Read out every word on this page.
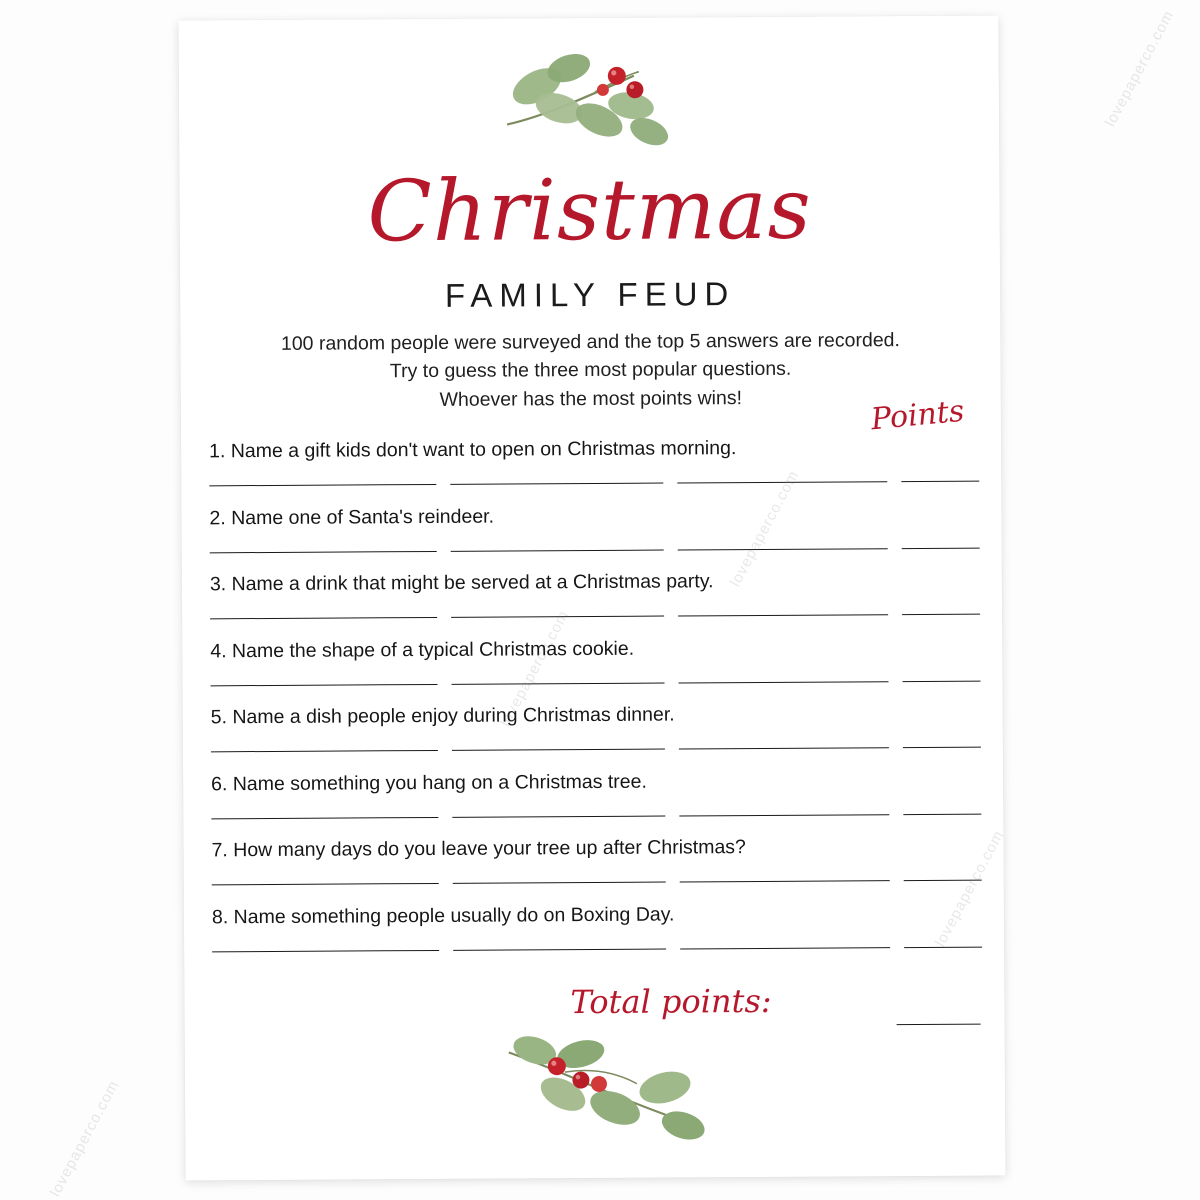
Christmas
FAMILY FEUD
100 random people were surveyed and the top 5 answers are recorded.
Try to guess the three most popular questions.
Whoever has the most points wins!	Points
1. Name a gift kids don't want to open on Christmas morning.
2. Name one of Santa's reindeer.
3. Name a drink that might be served at a Christmas party.
4. Name the shape of a typical Christmas cookie.
5. Name a dish people enjoy during Christmas dinner.
6. Name something you hang on a Christmas tree.
7. How many days do you leave your tree up after Christmas?
8. Name something people usually do on Boxing Day.
Total points:
lovepaperco.com
lovepaperco.com
